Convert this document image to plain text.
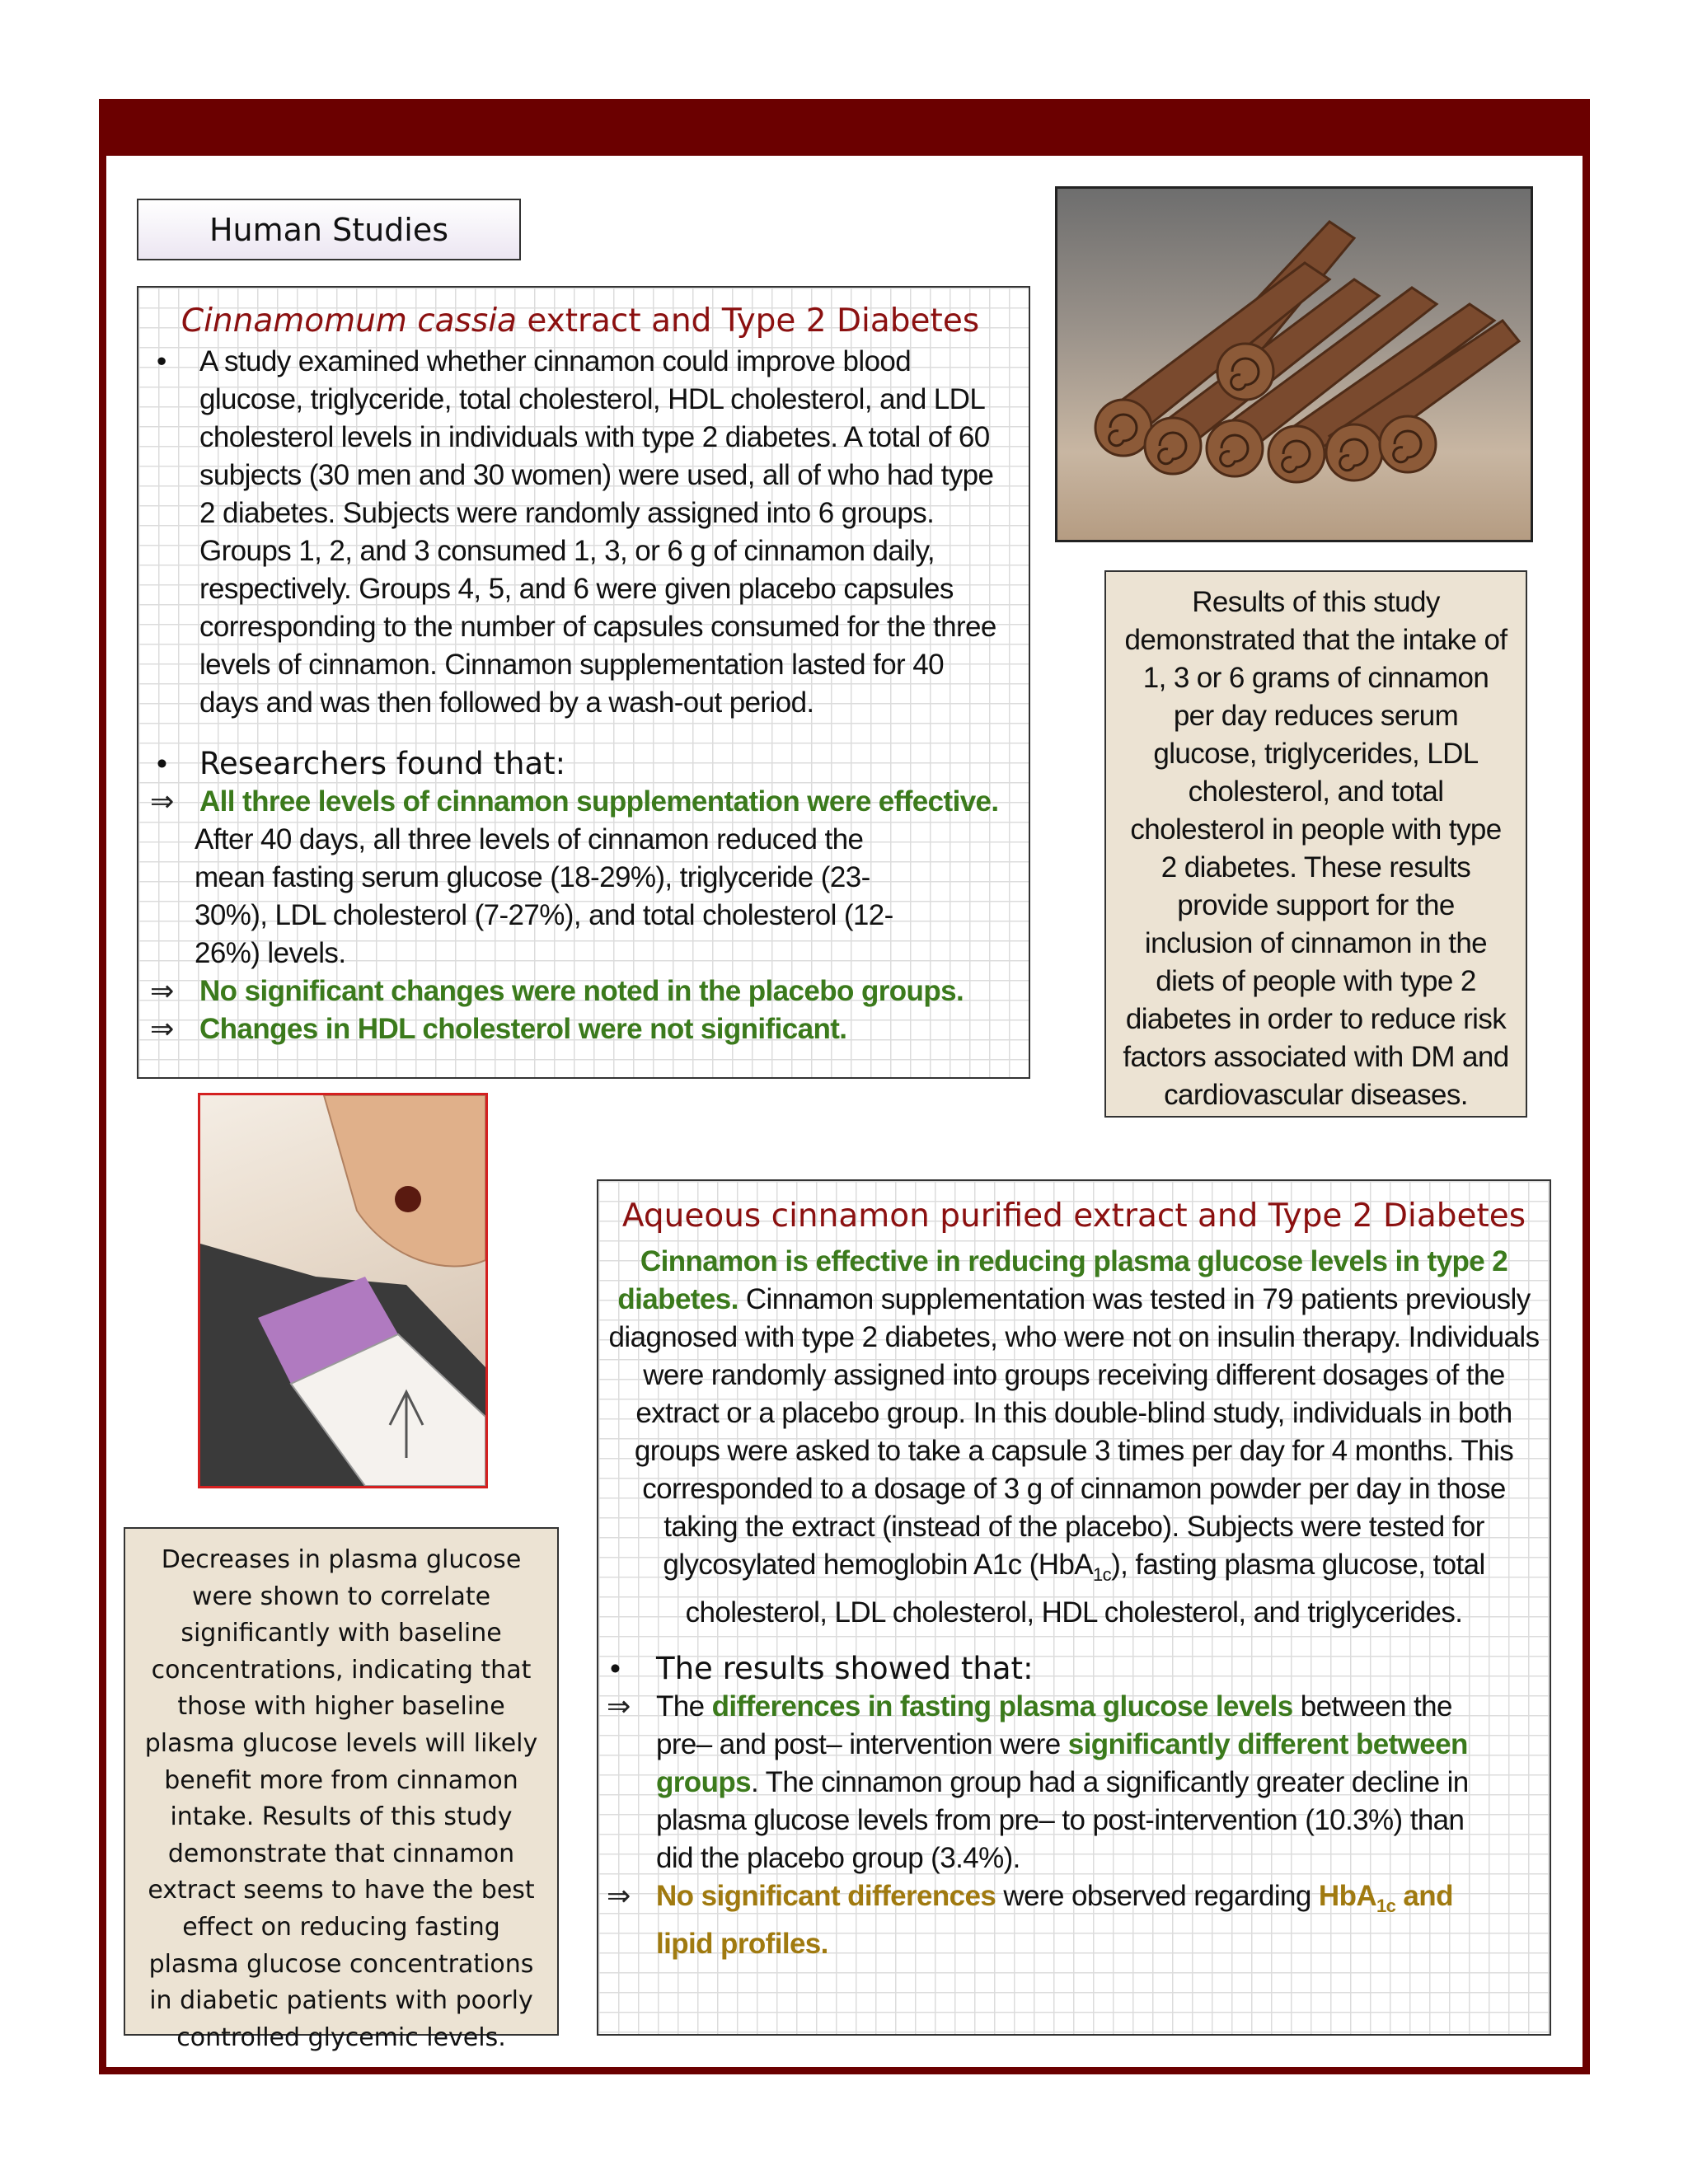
Human Studies
Cinnamomum cassia extract and Type 2 Diabetes
•	A study examined whether cinnamon could improve blood glucose, triglyceride, total cholesterol, HDL cholesterol, and LDL cholesterol levels in individuals with type 2 diabetes. A total of 60 subjects (30 men and 30 women) were used, all of who had type 2 diabetes. Subjects were randomly assigned into 6 groups. Groups 1, 2, and 3 consumed 1, 3, or 6 g of cinnamon daily, respectively. Groups 4, 5, and 6 were given placebo capsules corresponding to the number of capsules consumed for the three levels of cinnamon. Cinnamon supplementation lasted for 40 days and was then followed by a wash-out period.
•	Researchers found that:
⇒ All three levels of cinnamon supplementation were effective.
After 40 days, all three levels of cinnamon reduced the mean fasting serum glucose (18-29%), triglyceride (23-30%), LDL cholesterol (7-27%), and total cholesterol (12-26%) levels.
⇒ No significant changes were noted in the placebo groups.
⇒ Changes in HDL cholesterol were not significant.
Results of this study demonstrated that the intake of 1, 3 or 6 grams of cinnamon per day reduces serum glucose, triglycerides, LDL cholesterol, and total cholesterol in people with type 2 diabetes. These results provide support for the inclusion of cinnamon in the diets of people with type 2 diabetes in order to reduce risk factors associated with DM and cardiovascular diseases.
Decreases in plasma glucose were shown to correlate significantly with baseline concentrations, indicating that those with higher baseline plasma glucose levels will likely benefit more from cinnamon intake. Results of this study demonstrate that cinnamon extract seems to have the best effect on reducing fasting plasma glucose concentrations in diabetic patients with poorly controlled glycemic levels.
Aqueous cinnamon purified extract and Type 2 Diabetes
Cinnamon is effective in reducing plasma glucose levels in type 2 diabetes. Cinnamon supplementation was tested in 79 patients previously diagnosed with type 2 diabetes, who were not on insulin therapy. Individuals were randomly assigned into groups receiving different dosages of the extract or a placebo group. In this double-blind study, individuals in both groups were asked to take a capsule 3 times per day for 4 months. This corresponded to a dosage of 3 g of cinnamon powder per day in those taking the extract (instead of the placebo). Subjects were tested for glycosylated hemoglobin A1c (HbA$_{1c}$), fasting plasma glucose, total cholesterol, LDL cholesterol, HDL cholesterol, and triglycerides.
•	The results showed that:
⇒ The differences in fasting plasma glucose levels between the pre– and post– intervention were significantly different between groups. The cinnamon group had a significantly greater decline in plasma glucose levels from pre– to post-intervention (10.3%) than did the placebo group (3.4%).
⇒ No significant differences were observed regarding HbA$_{1c}$ and lipid profiles.
